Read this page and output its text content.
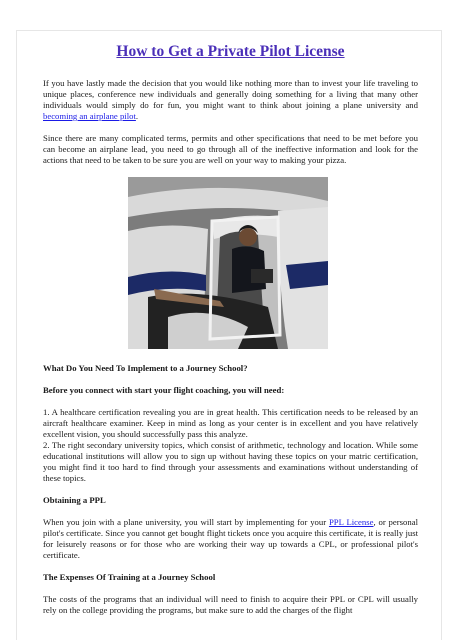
How to Get a Private Pilot License

If you have lastly made the decision that you would like nothing more than to invest your life traveling to unique places, conference new individuals and generally doing something for a living that many other individuals would simply do for fun, you might want to think about joining a plane university and becoming an airplane pilot.

Since there are many complicated terms, permits and other specifications that need to be met before you can become an airplane lead, you need to go through all of the ineffective information and look for the actions that need to be taken to be sure you are well on your way to making your pizza.

What Do You Need To Implement to a Journey School?

Before you connect with start your flight coaching, you will need:

1. A healthcare certification revealing you are in great health. This certification needs to be released by an aircraft healthcare examiner. Keep in mind as long as your center is in excellent and you have relatively excellent vision, you should successfully pass this analyze.
2. The right secondary university topics, which consist of arithmetic, technology and location. While some educational institutions will allow you to sign up without having these topics on your matric certification, you might find it too hard to find through your assessments and examinations without understanding of these topics.

Obtaining a PPL

When you join with a plane university, you will start by implementing for your PPL License, or personal pilot's certificate. Since you cannot get bought flight tickets once you acquire this certificate, it is really just for leisurely reasons or for those who are working their way up towards a CPL, or professional pilot's certificate.

The Expenses Of Training at a Journey School

The costs of the programs that an individual will need to finish to acquire their PPL or CPL will usually rely on the college providing the programs, but make sure to add the charges of the flight
